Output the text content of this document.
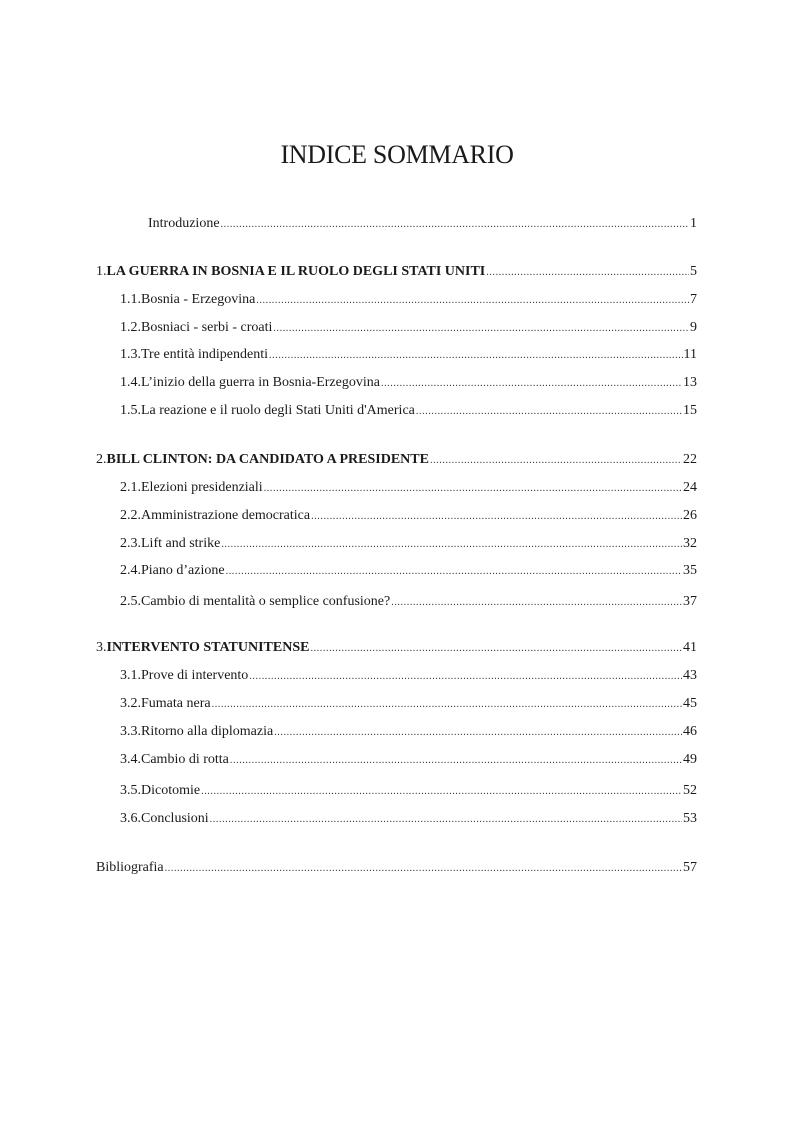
INDICE SOMMARIO
Introduzione .....	1
1. LA GUERRA IN BOSNIA E IL RUOLO DEGLI STATI UNITI .....	5
1.1. Bosnia - Erzegovina .....	7
1.2. Bosniaci - serbi - croati .....	9
1.3. Tre entità indipendenti .....	11
1.4. L’inizio della guerra in Bosnia-Erzegovina .....	13
1.5. La reazione e il ruolo degli Stati Uniti d'America .....	15
2. BILL CLINTON: DA CANDIDATO A PRESIDENTE .....	22
2.1. Elezioni presidenziali .....	24
2.2. Amministrazione democratica .....	26
2.3. Lift and strike .....	32
2.4. Piano d’azione .....	35
2.5. Cambio di mentalità o semplice confusione? .....	37
3. INTERVENTO STATUNITENSE .....	41
3.1. Prove di intervento .....	43
3.2. Fumata nera .....	45
3.3. Ritorno alla diplomazia .....	46
3.4. Cambio di rotta .....	49
3.5. Dicotomie .....	52
3.6. Conclusioni .....	53
Bibliografia .....	57
